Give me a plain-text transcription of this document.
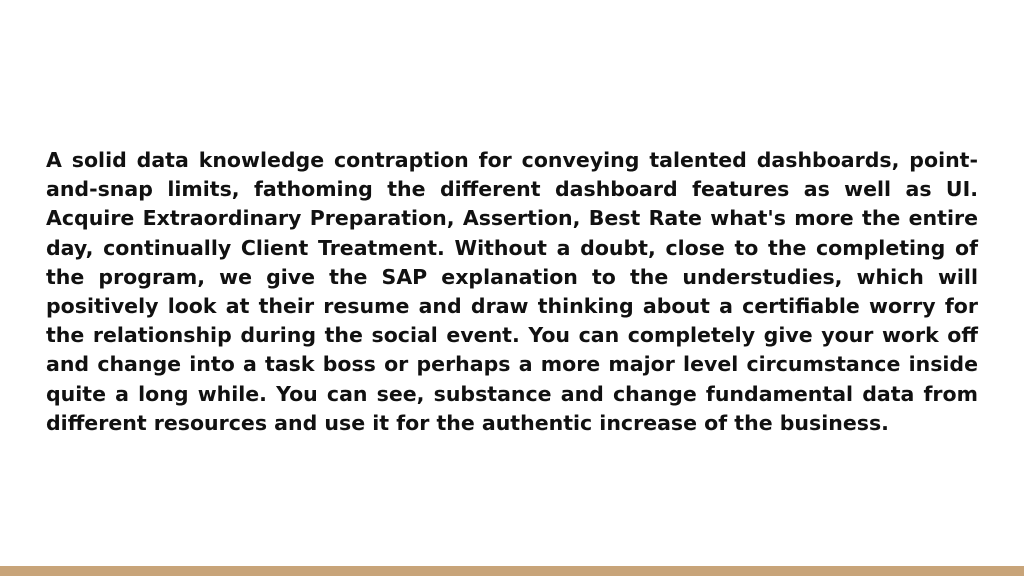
A solid data knowledge contraption for conveying talented dashboards, point-and-snap limits, fathoming the different dashboard features as well as UI. Acquire Extraordinary Preparation, Assertion, Best Rate what's more the entire day, continually Client Treatment. Without a doubt, close to the completing of the program, we give the SAP explanation to the understudies, which will positively look at their resume and draw thinking about a certifiable worry for the relationship during the social event. You can completely give your work off and change into a task boss or perhaps a more major level circumstance inside quite a long while. You can see, substance and change fundamental data from different resources and use it for the authentic increase of the business.
